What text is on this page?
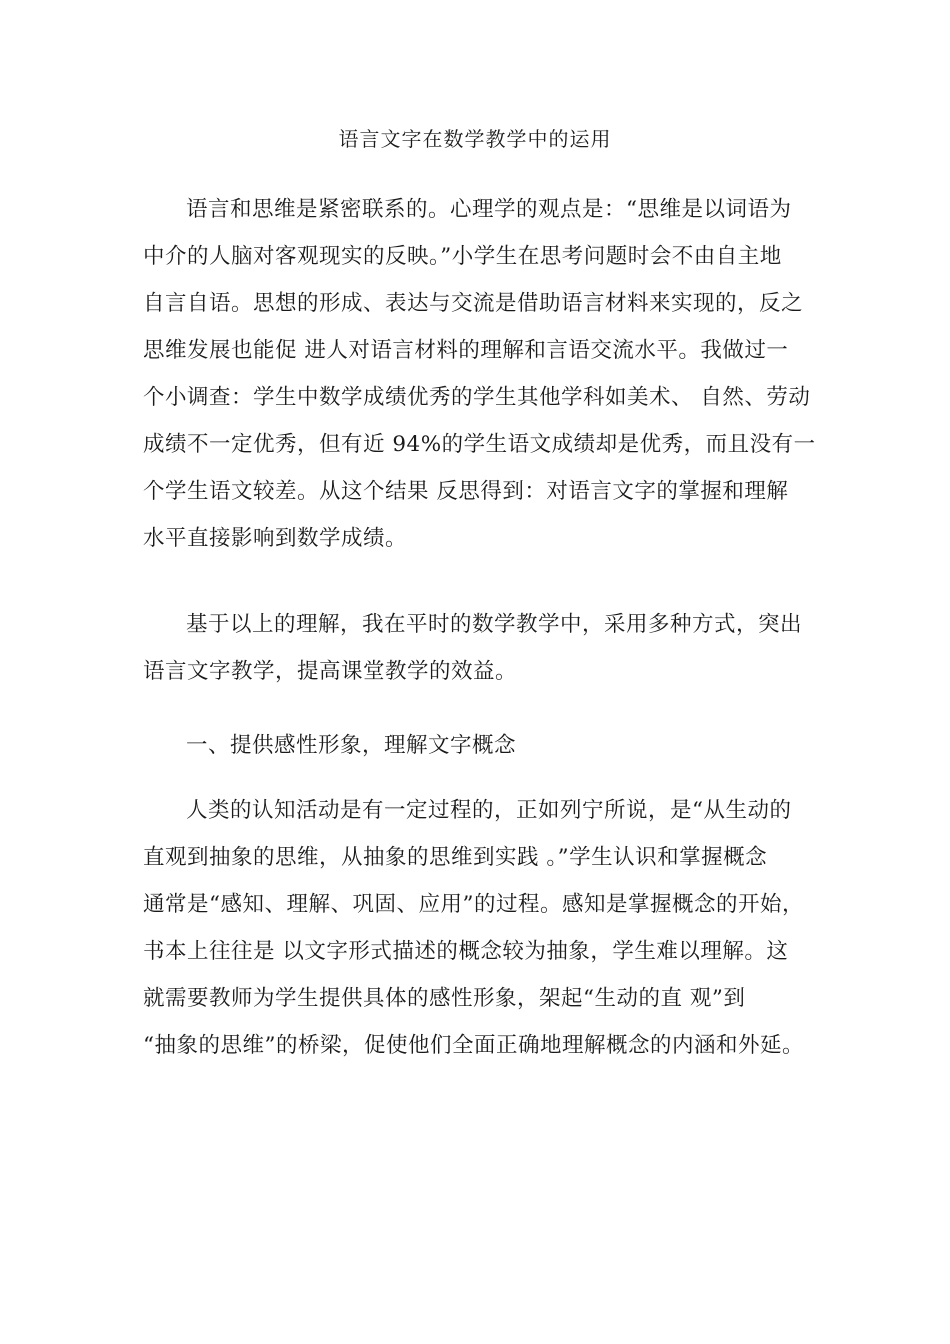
语言文字在数学教学中的运用
语言和思维是紧密联系的。心理学的观点是：“思维是以词语为
中介的人脑对客观现实的反映。”小学生在思考问题时会不由自主地
自言自语。思想的形成、表达与交流是借助语言材料来实现的，反之
思维发展也能促 进人对语言材料的理解和言语交流水平。我做过一
个小调查：学生中数学成绩优秀的学生其他学科如美术、 自然、劳动
成绩不一定优秀，但有近 94%的学生语文成绩却是优秀，而且没有一
个学生语文较差。从这个结果 反思得到：对语言文字的掌握和理解
水平直接影响到数学成绩。
基于以上的理解，我在平时的数学教学中，采用多种方式，突出
语言文字教学，提高课堂教学的效益。
一、提供感性形象，理解文字概念
人类的认知活动是有一定过程的，正如列宁所说，是“从生动的
直观到抽象的思维，从抽象的思维到实践 。”学生认识和掌握概念
通常是“感知、理解、巩固、应用”的过程。感知是掌握概念的开始，
书本上往往是 以文字形式描述的概念较为抽象，学生难以理解。这
就需要教师为学生提供具体的感性形象，架起“生动的直 观”到
“抽象的思维”的桥梁，促使他们全面正确地理解概念的内涵和外延。
